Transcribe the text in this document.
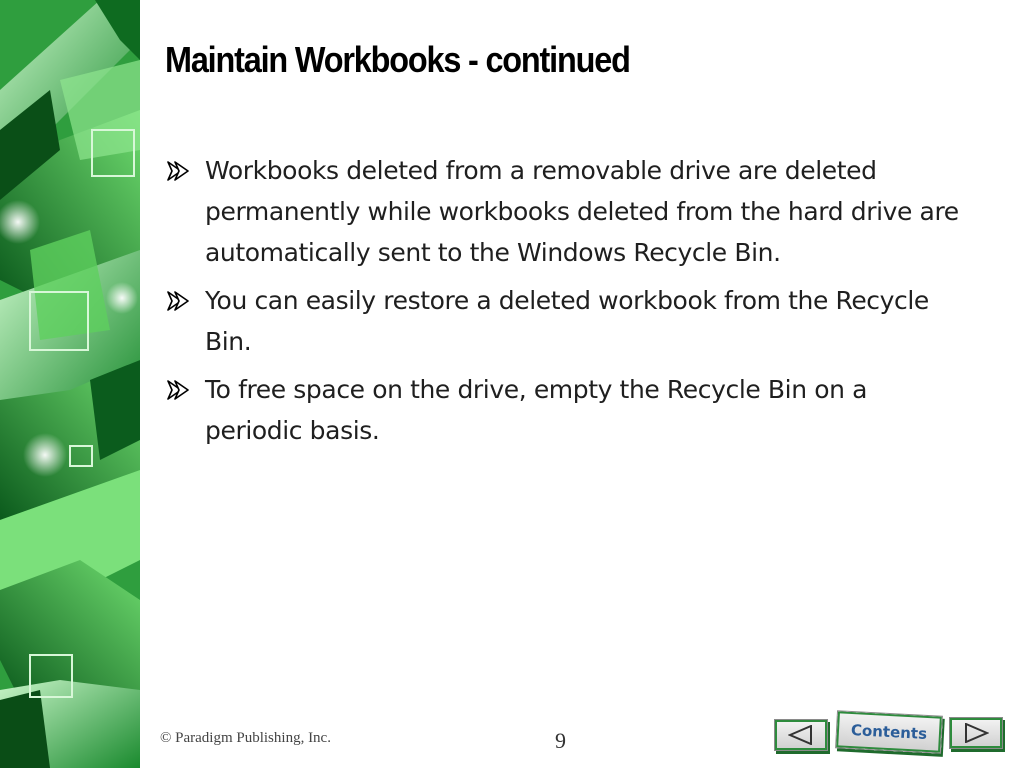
Maintain Workbooks - continued
Workbooks deleted from a removable drive are deleted permanently while workbooks deleted from the hard drive are automatically sent to the Windows Recycle Bin.
You can easily restore a deleted workbook from the Recycle Bin.
To free space on the drive, empty the Recycle Bin on a periodic basis.
© Paradigm Publishing, Inc.	9	Contents
